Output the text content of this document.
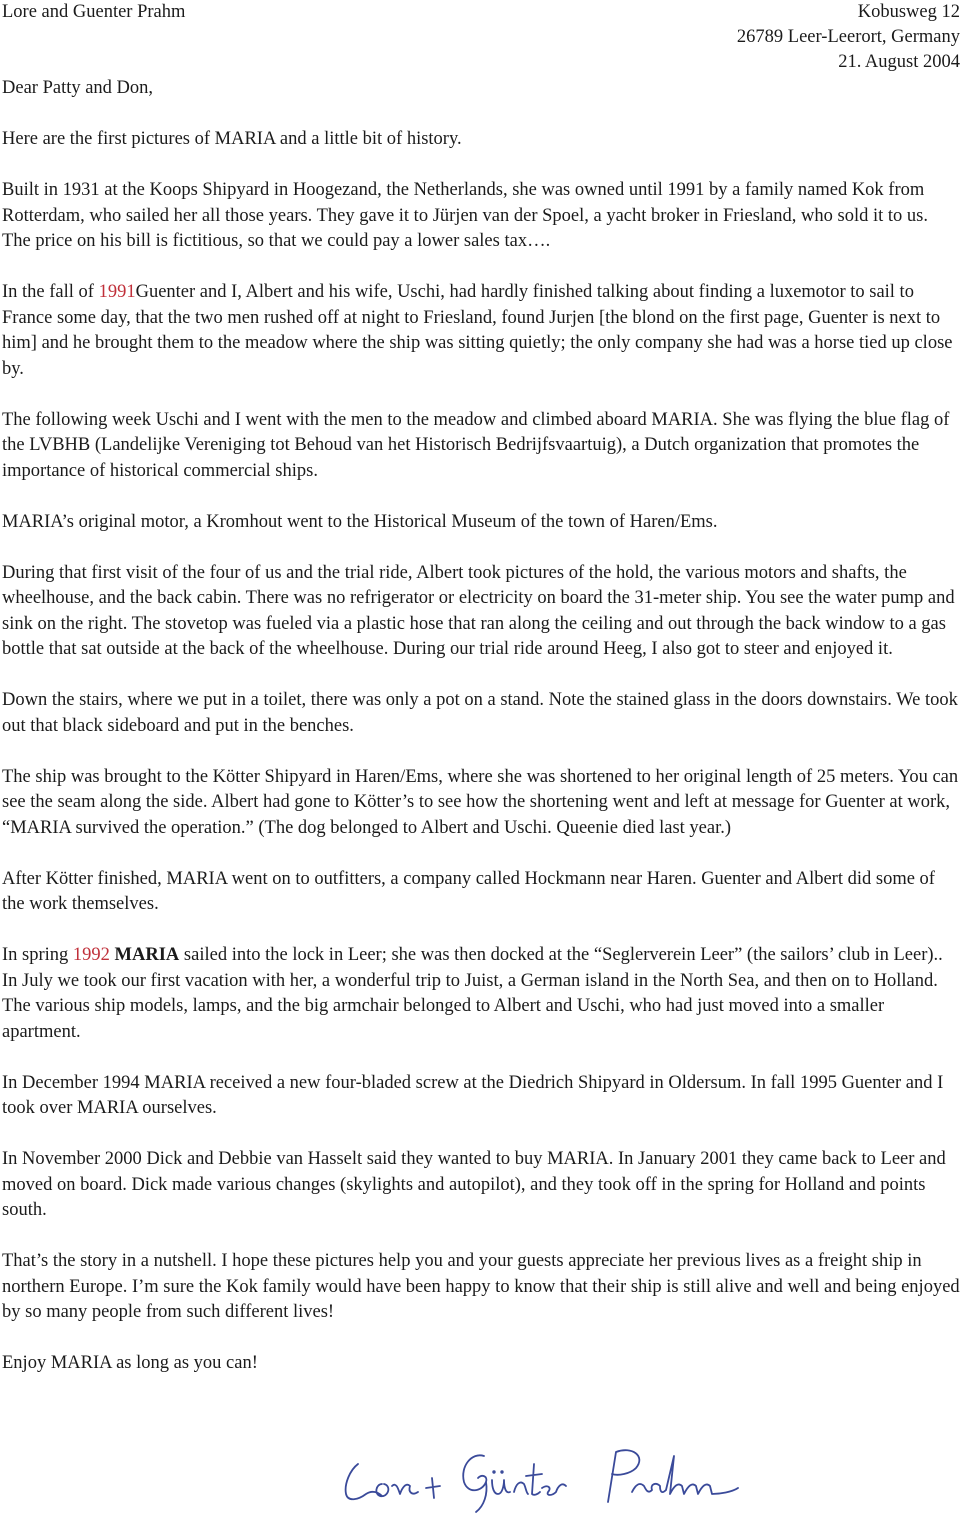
Lore and Guenter Prahm	Kobusweg 12
26789 Leer-Leerort, Germany
21. August 2004

Dear Patty and Don,

Here are the first pictures of MARIA and a little bit of history.

Built in 1931 at the Koops Shipyard in Hoogezand, the Netherlands, she was owned until 1991 by a family named Kok from Rotterdam, who sailed her all those years. They gave it to Jürjen van der Spoel, a yacht broker in Friesland, who sold it to us. The price on his bill is fictitious, so that we could pay a lower sales tax….

In the fall of 1991Guenter and I, Albert and his wife, Uschi, had hardly finished talking about finding a luxemotor to sail to France some day, that the two men rushed off at night to Friesland, found Jurjen [the blond on the first page, Guenter is next to him] and he brought them to the meadow where the ship was sitting quietly; the only company she had was a horse tied up close by.

The following week Uschi and I went with the men to the meadow and climbed aboard MARIA. She was flying the blue flag of the LVBHB (Landelijke Vereniging tot Behoud van het Historisch Bedrijfsvaartuig), a Dutch organization that promotes the importance of historical commercial ships.

MARIA’s original motor, a Kromhout went to the Historical Museum of the town of Haren/Ems.

During that first visit of the four of us and the trial ride, Albert took pictures of the hold, the various motors and shafts, the wheelhouse, and the back cabin. There was no refrigerator or electricity on board the 31-meter ship. You see the water pump and sink on the right. The stovetop was fueled via a plastic hose that ran along the ceiling and out through the back window to a gas bottle that sat outside at the back of the wheelhouse. During our trial ride around Heeg, I also got to steer and enjoyed it.

Down the stairs, where we put in a toilet, there was only a pot on a stand. Note the stained glass in the doors downstairs. We took out that black sideboard and put in the benches.

The ship was brought to the Kötter Shipyard in Haren/Ems, where she was shortened to her original length of 25 meters. You can see the seam along the side. Albert had gone to Kötter’s to see how the shortening went and left at message for Guenter at work, “MARIA survived the operation.” (The dog belonged to Albert and Uschi. Queenie died last year.)

After Kötter finished, MARIA went on to outfitters, a company called Hockmann near Haren. Guenter and Albert did some of the work themselves.

In spring 1992 MARIA sailed into the lock in Leer; she was then docked at the “Seglerverein Leer” (the sailors’ club in Leer).. In July we took our first vacation with her, a wonderful trip to Juist, a German island in the North Sea, and then on to Holland. The various ship models, lamps, and the big armchair belonged to Albert and Uschi, who had just moved into a smaller apartment.

In December 1994 MARIA received a new four-bladed screw at the Diedrich Shipyard in Oldersum. In fall 1995 Guenter and I took over MARIA ourselves.

In November 2000 Dick and Debbie van Hasselt said they wanted to buy MARIA. In January 2001 they came back to Leer and moved on board. Dick made various changes (skylights and autopilot), and they took off in the spring for Holland and points south.

That’s the story in a nutshell. I hope these pictures help you and your guests appreciate her previous lives as a freight ship in northern Europe. I’m sure the Kok family would have been happy to know that their ship is still alive and well and being enjoyed by so many people from such different lives!

Enjoy MARIA as long as you can!
